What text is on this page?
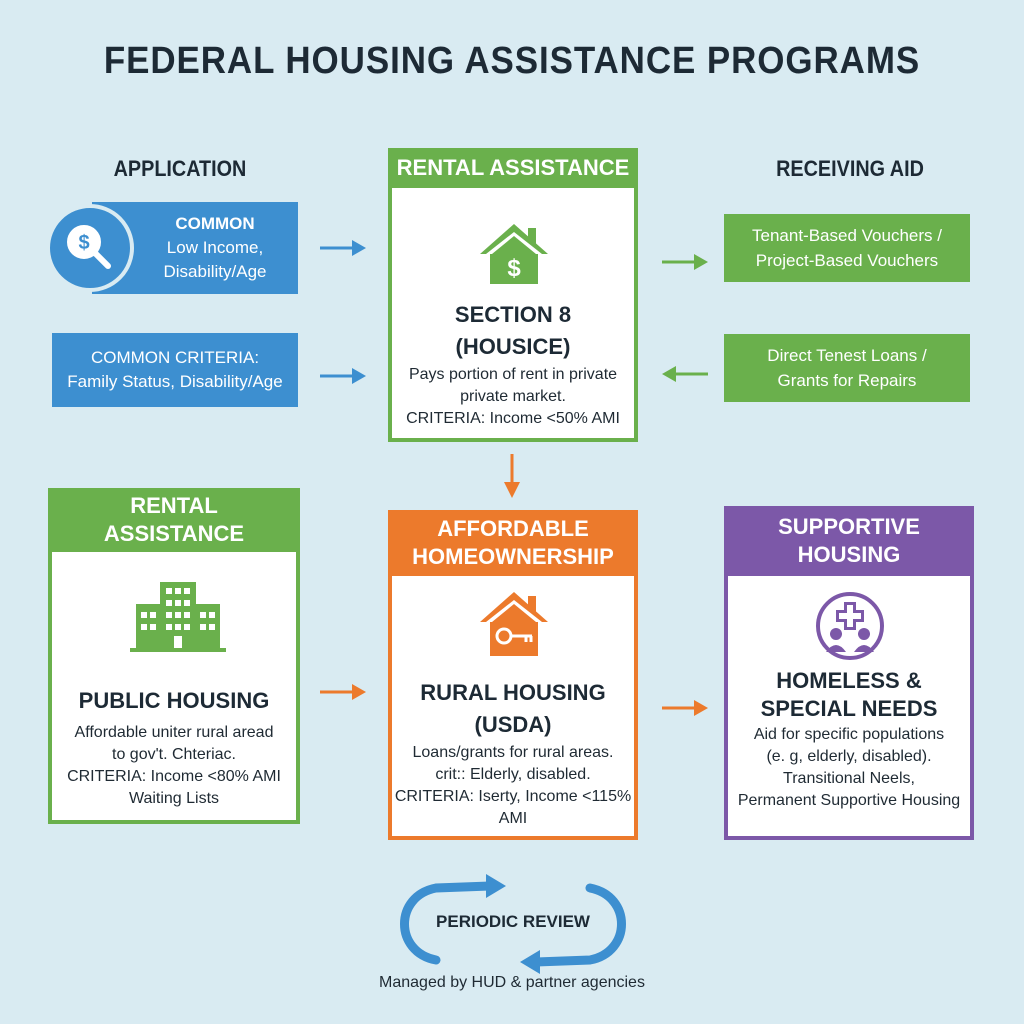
FEDERAL HOUSING ASSISTANCE PROGRAMS
APPLICATION	RECEIVING AID
COMMON
Low Income,
Disability/Age
$
COMMON CRITERIA:
Family Status, Disability/Age
RENTAL ASSISTANCE
$
SECTION 8
(HOUSICE)
Pays portion of rent in private
private market.
CRITERIA: Income <50% AMI
Tenant-Based Vouchers /
Project-Based Vouchers
Direct Tenest Loans /
Grants for Repairs
RENTAL
ASSISTANCE
PUBLIC HOUSING
Affordable uniter rural aread
to gov't. Chteriac.
CRITERIA: Income <80% AMI
Waiting Lists
AFFORDABLE
HOMEOWNERSHIP
RURAL HOUSING
(USDA)
Loans/grants for rural areas.
crit:: Elderly, disabled.
CRITERIA: Iserty, Income <115% AMI
SUPPORTIVE
HOUSING
HOMELESS &
SPECIAL NEEDS
Aid for specific populations
(e. g, elderly, disabled).
Transitional Neels,
Permanent Supportive Housing
PERIODIC REVIEW
Managed by HUD & partner agencies
